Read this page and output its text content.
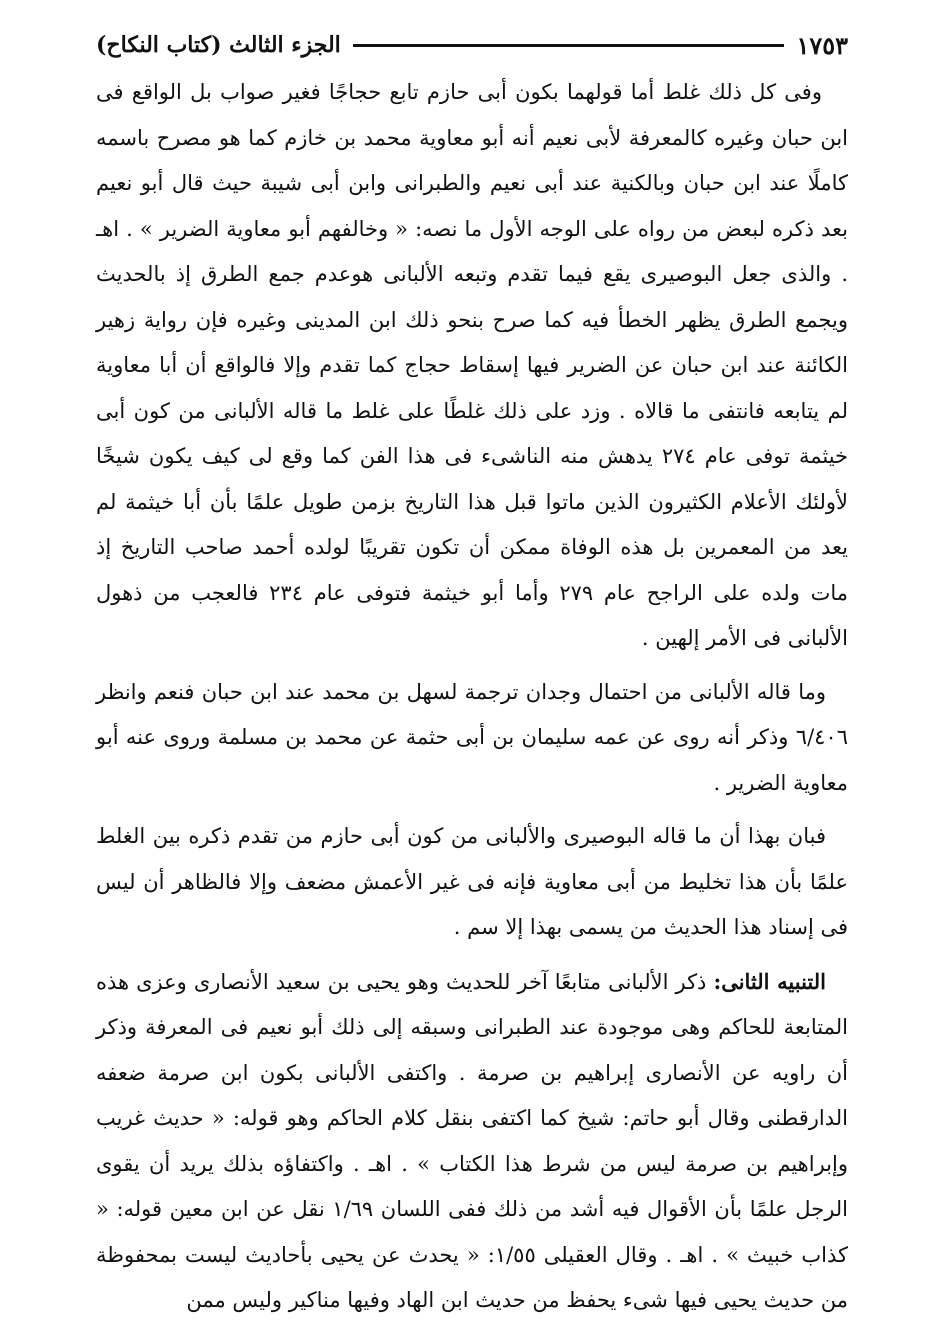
الجزء الثالث (كتاب النكاح)	١٧٥٣

وفى كل ذلك غلط أما قولهما بكون أبى حازم تابع حجاجًا فغير صواب بل الواقع فى ابن حبان وغيره كالمعرفة لأبى نعيم أنه أبو معاوية محمد بن خازم كما هو مصرح باسمه كاملًا عند ابن حبان وبالكنية عند أبى نعيم والطبرانى وابن أبى شيبة حيث قال أبو نعيم بعد ذكره لبعض من رواه على الوجه الأول ما نصه: « وخالفهم أبو معاوية الضرير » . اهـ . والذى جعل البوصيرى يقع فيما تقدم وتبعه الألبانى هوعدم جمع الطرق إذ بالحديث ويجمع الطرق يظهر الخطأ فيه كما صرح بنحو ذلك ابن المدينى وغيره فإن رواية زهير الكائنة عند ابن حبان عن الضرير فيها إسقاط حجاج كما تقدم وإلا فالواقع أن أبا معاوية لم يتابعه فانتفى ما قالاه . وزد على ذلك غلطًا على غلط ما قاله الألبانى من كون أبى خيثمة توفى عام ٢٧٤ يدهش منه الناشىء فى هذا الفن كما وقع لى كيف يكون شيخًا لأولئك الأعلام الكثيرون الذين ماتوا قبل هذا التاريخ بزمن طويل علمًا بأن أبا خيثمة لم يعد من المعمرين بل هذه الوفاة ممكن أن تكون تقريبًا لولده أحمد صاحب التاريخ إذ مات ولده على الراجح عام ٢٧٩ وأما أبو خيثمة فتوفى عام ٢٣٤ فالعجب من ذهول الألبانى فى الأمر إلهين .

وما قاله الألبانى من احتمال وجدان ترجمة لسهل بن محمد عند ابن حبان فنعم وانظر ٦/٤٠٦ وذكر أنه روى عن عمه سليمان بن أبى حثمة عن محمد بن مسلمة وروى عنه أبو معاوية الضرير .

فبان بهذا أن ما قاله البوصيرى والألبانى من كون أبى حازم من تقدم ذكره بين الغلط علمًا بأن هذا تخليط من أبى معاوية فإنه فى غير الأعمش مضعف وإلا فالظاهر أن ليس فى إسناد هذا الحديث من يسمى بهذا إلا سم .

التنبيه الثانى: ذكر الألبانى متابعًا آخر للحديث وهو يحيى بن سعيد الأنصارى وعزى هذه المتابعة للحاكم وهى موجودة عند الطبرانى وسبقه إلى ذلك أبو نعيم فى المعرفة وذكر أن راويه عن الأنصارى إبراهيم بن صرمة . واكتفى الألبانى بكون ابن صرمة ضعفه الدارقطنى وقال أبو حاتم: شيخ كما اكتفى بنقل كلام الحاكم وهو قوله: « حديث غريب وإبراهيم بن صرمة ليس من شرط هذا الكتاب » . اهـ . واكتفاؤه بذلك يريد أن يقوى الرجل علمًا بأن الأقوال فيه أشد من ذلك ففى اللسان ١/٦٩ نقل عن ابن معين قوله: « كذاب خبيث » . اهـ . وقال العقيلى ١/٥٥: « يحدث عن يحيى بأحاديث ليست بمحفوظة من حديث يحيى فيها شىء يحفظ من حديث ابن الهاد وفيها مناكير وليس ممن
